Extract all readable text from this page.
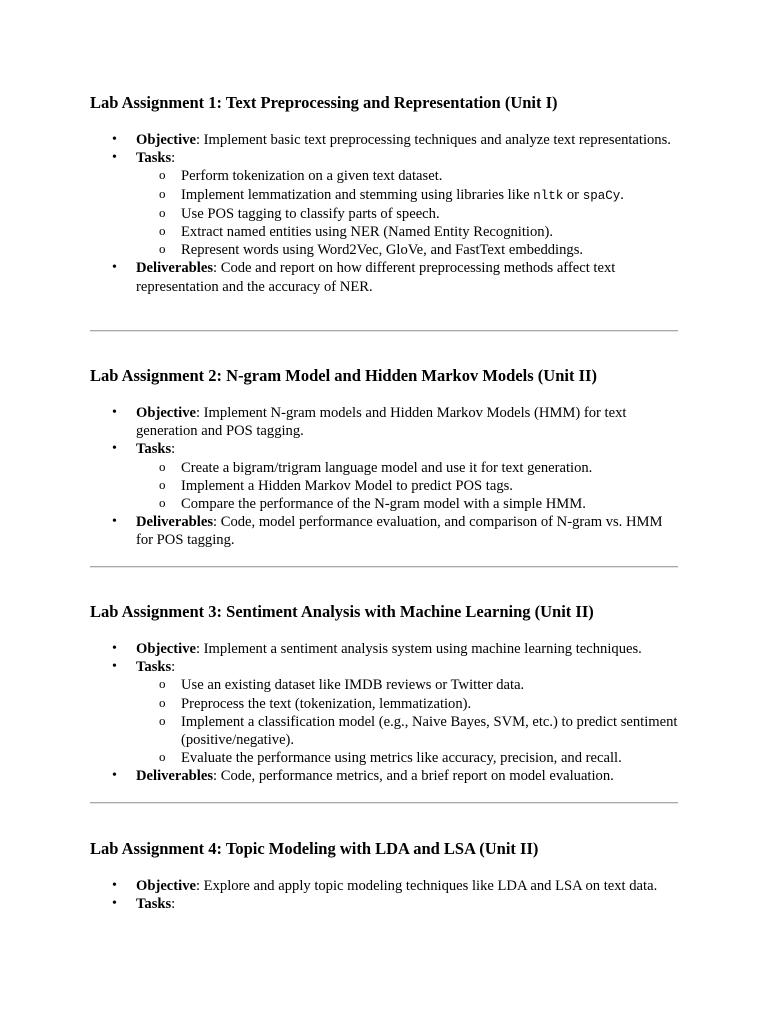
Lab Assignment 1: Text Preprocessing and Representation (Unit I)
• Objective: Implement basic text preprocessing techniques and analyze text representations.
• Tasks:
o Perform tokenization on a given text dataset.
o Implement lemmatization and stemming using libraries like nltk or spaCy.
o Use POS tagging to classify parts of speech.
o Extract named entities using NER (Named Entity Recognition).
o Represent words using Word2Vec, GloVe, and FastText embeddings.
• Deliverables: Code and report on how different preprocessing methods affect text representation and the accuracy of NER.
Lab Assignment 2: N-gram Model and Hidden Markov Models (Unit II)
• Objective: Implement N-gram models and Hidden Markov Models (HMM) for text generation and POS tagging.
• Tasks:
o Create a bigram/trigram language model and use it for text generation.
o Implement a Hidden Markov Model to predict POS tags.
o Compare the performance of the N-gram model with a simple HMM.
• Deliverables: Code, model performance evaluation, and comparison of N-gram vs. HMM for POS tagging.
Lab Assignment 3: Sentiment Analysis with Machine Learning (Unit II)
• Objective: Implement a sentiment analysis system using machine learning techniques.
• Tasks:
o Use an existing dataset like IMDB reviews or Twitter data.
o Preprocess the text (tokenization, lemmatization).
o Implement a classification model (e.g., Naive Bayes, SVM, etc.) to predict sentiment (positive/negative).
o Evaluate the performance using metrics like accuracy, precision, and recall.
• Deliverables: Code, performance metrics, and a brief report on model evaluation.
Lab Assignment 4: Topic Modeling with LDA and LSA (Unit II)
• Objective: Explore and apply topic modeling techniques like LDA and LSA on text data.
• Tasks:
